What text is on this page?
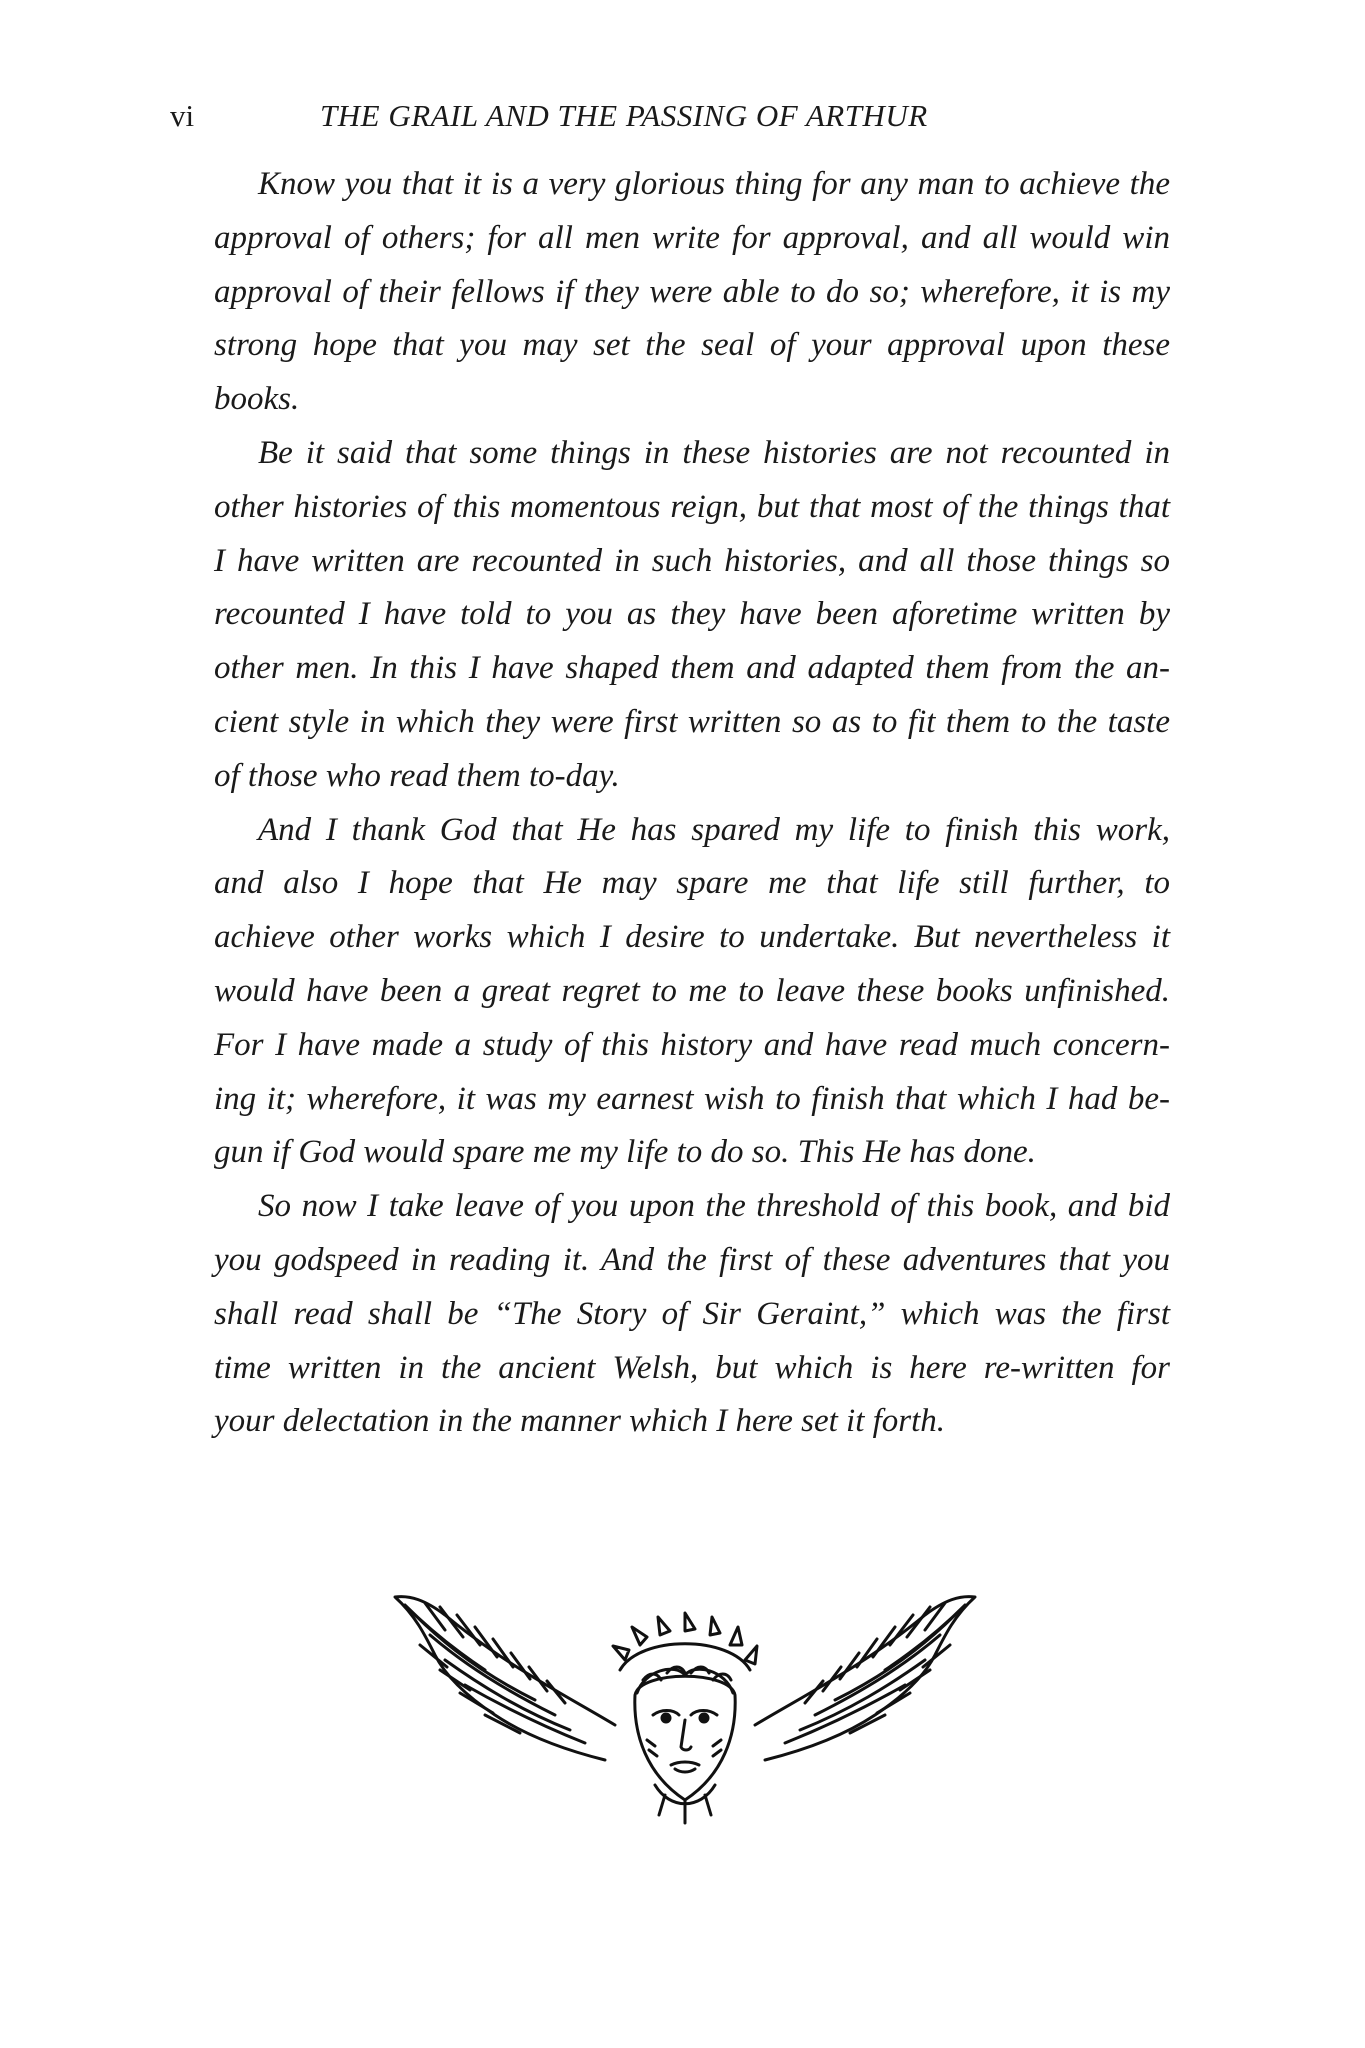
vi	THE GRAIL AND THE PASSING OF ARTHUR
Know you that it is a very glorious thing for any man to achieve the
approval of others; for all men write for approval, and all would win
approval of their fellows if they were able to do so; wherefore, it is my
strong hope that you may set the seal of your approval upon these
books.
Be it said that some things in these histories are not recounted in
other histories of this momentous reign, but that most of the things that
I have written are recounted in such histories, and all those things so
recounted I have told to you as they have been aforetime written by
other men. In this I have shaped them and adapted them from the an-
cient style in which they were first written so as to fit them to the taste
of those who read them to-day.
And I thank God that He has spared my life to finish this work,
and also I hope that He may spare me that life still further, to
achieve other works which I desire to undertake. But nevertheless it
would have been a great regret to me to leave these books unfinished.
For I have made a study of this history and have read much concern-
ing it; wherefore, it was my earnest wish to finish that which I had be-
gun if God would spare me my life to do so. This He has done.
So now I take leave of you upon the threshold of this book, and bid
you godspeed in reading it. And the first of these adventures that you
shall read shall be “The Story of Sir Geraint,” which was the first
time written in the ancient Welsh, but which is here re-written for
your delectation in the manner which I here set it forth.
